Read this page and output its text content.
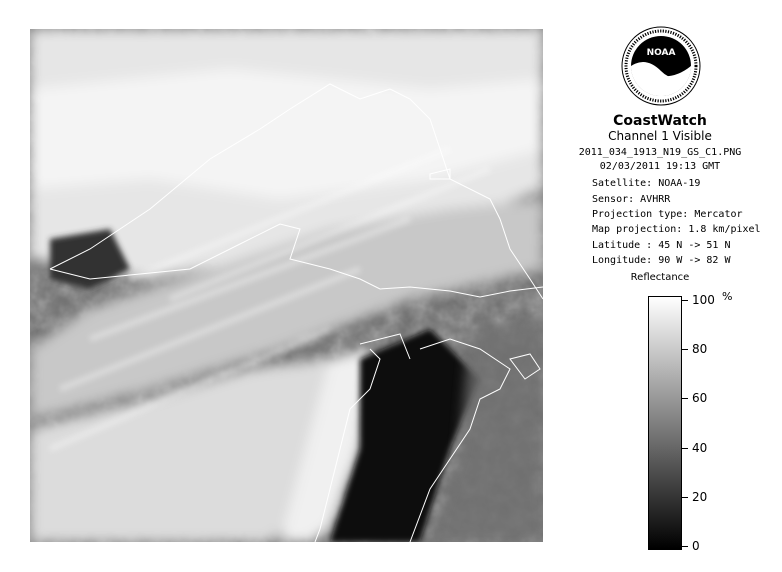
NOAA
CoastWatch
Channel 1 Visible
2011_034_1913_N19_GS_C1.PNG
02/03/2011 19:13 GMT
Satellite: NOAA-19
Sensor: AVHRR
Projection type: Mercator
Map projection: 1.8 km/pixel
Latitude : 45 N -> 51 N
Longitude: 90 W -> 82 W
Reflectance
%
100
80
60
40
20
0
